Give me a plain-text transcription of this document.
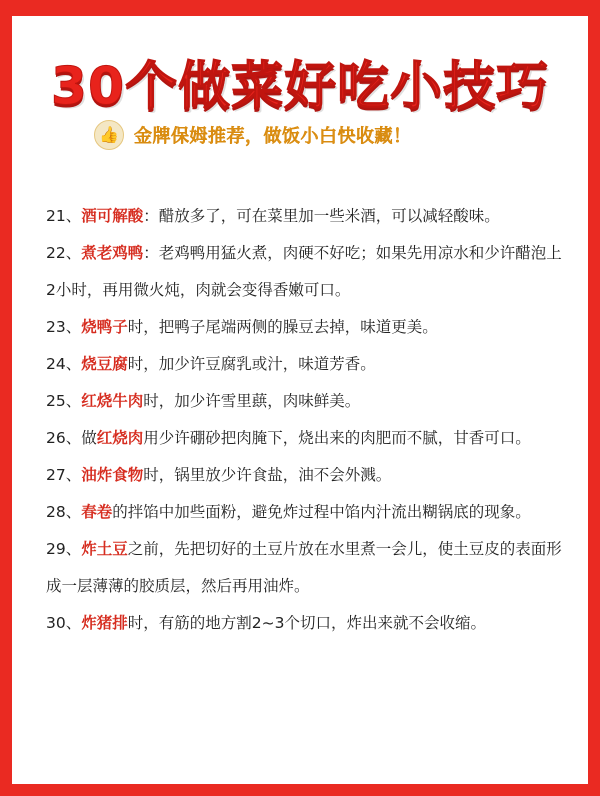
30个做菜好吃小技巧
👍 金牌保姆推荐，做饭小白快收藏！

21、酒可解酸：醋放多了，可在菜里加一些米酒，可以减轻酸味。

22、煮老鸡鸭：老鸡鸭用猛火煮，肉硬不好吃；如果先用凉水和少许醋泡上2小时，再用微火炖，肉就会变得香嫩可口。

23、烧鸭子时，把鸭子尾端两侧的臊豆去掉，味道更美。

24、烧豆腐时，加少许豆腐乳或汁，味道芳香。

25、红烧牛肉时，加少许雪里蕻，肉味鲜美。

26、做红烧肉用少许硼砂把肉腌下，烧出来的肉肥而不腻，甘香可口。

27、油炸食物时，锅里放少许食盐，油不会外溅。

28、春卷的拌馅中加些面粉，避免炸过程中馅内汁流出糊锅底的现象。

29、炸土豆之前，先把切好的土豆片放在水里煮一会儿，使土豆皮的表面形成一层薄薄的胶质层，然后再用油炸。

30、炸猪排时，有筋的地方割2~3个切口，炸出来就不会收缩。
